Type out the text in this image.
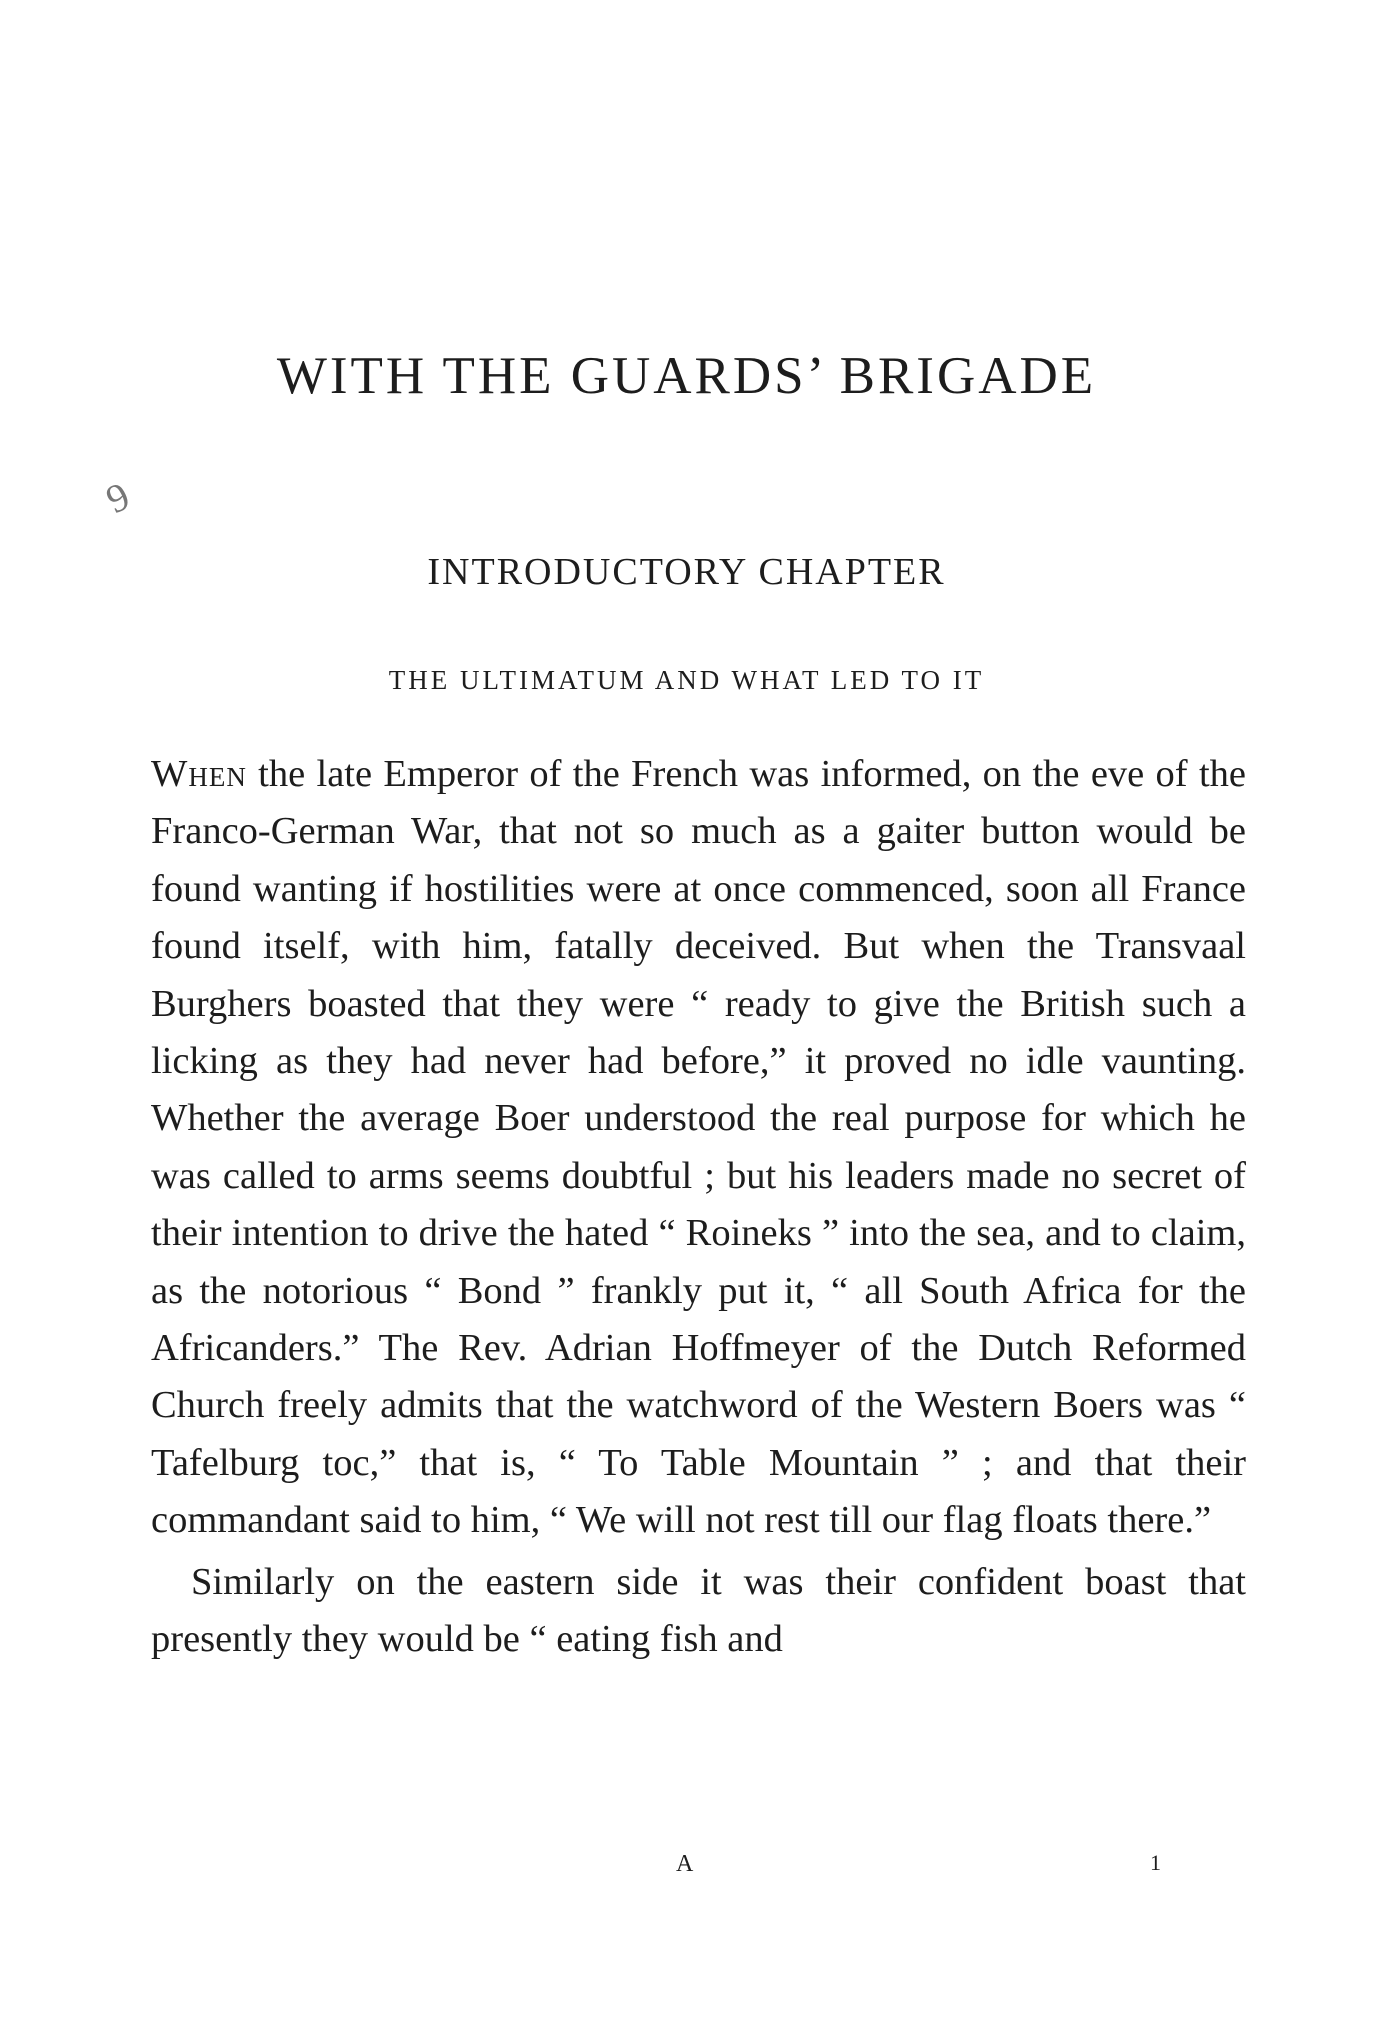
WITH THE GUARDS’ BRIGADE
9
INTRODUCTORY CHAPTER
THE ULTIMATUM AND WHAT LED TO IT

When the late Emperor of the French was informed, on the eve of the Franco-German War, that not so much as a gaiter button would be found wanting if hostilities were at once commenced, soon all France found itself, with him, fatally deceived. But when the Transvaal Burghers boasted that they were “ ready to give the British such a licking as they had never had before,” it proved no idle vaunting. Whether the average Boer understood the real purpose for which he was called to arms seems doubtful ; but his leaders made no secret of their intention to drive the hated “ Roineks ” into the sea, and to claim, as the notorious “ Bond ” frankly put it, “ all South Africa for the Africanders.” The Rev. Adrian Hoffmeyer of the Dutch Reformed Church freely admits that the watchword of the Western Boers was “ Tafelburg toc,” that is, “ To Table Mountain ” ; and that their commandant said to him, “ We will not rest till our flag floats there.”

Similarly on the eastern side it was their confident boast that presently they would be “ eating fish and

A	1
